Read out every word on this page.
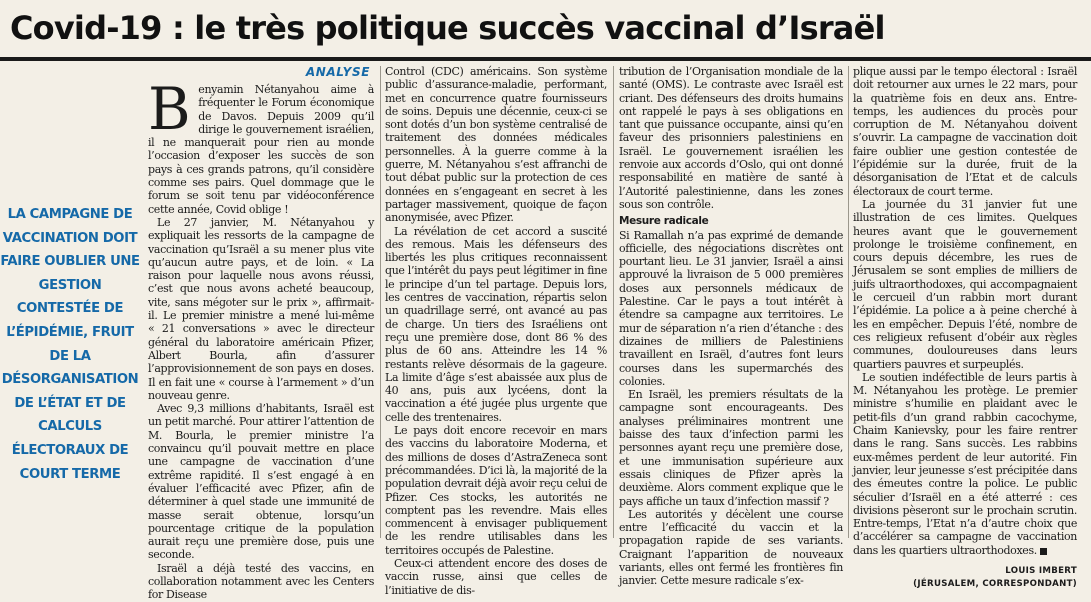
Covid-19 : le très politique succès vaccinal d’Israël
LA CAMPAGNE DE VACCINATION DOIT FAIRE OUBLIER UNE GESTION CONTESTÉE DE L’ÉPIDÉMIE, FRUIT DE LA DÉSORGANISATION DE L’ÉTAT ET DE CALCULS ÉLECTORAUX DE COURT TERME
ANALYSE

Benyamin Nétanyahou aime à fréquenter le Forum économique de Davos. Depuis 2009 qu’il dirige le gouvernement israélien, il ne manquerait pour rien au monde l’occasion d’exposer les succès de son pays à ces grands patrons, qu’il considère comme ses pairs. Quel dommage que le forum se soit tenu par vidéoconférence cette année, Covid oblige !

Le 27 janvier, M. Nétanyahou y expliquait les ressorts de la campagne de vaccination qu’Israël a su mener plus vite qu’aucun autre pays, et de loin. « La raison pour laquelle nous avons réussi, c’est que nous avons acheté beaucoup, vite, sans mégoter sur le prix », affirmait-il. Le premier ministre a mené lui-même « 21 conversations » avec le directeur général du laboratoire américain Pfizer, Albert Bourla, afin d’assurer l’approvisionnement de son pays en doses. Il en fait une « course à l’armement » d’un nouveau genre.

Avec 9,3 millions d’habitants, Israël est un petit marché. Pour attirer l’attention de M. Bourla, le premier ministre l’a convaincu qu’il pouvait mettre en place une campagne de vaccination d’une extrême rapidité. Il s’est engagé à en évaluer l’efficacité avec Pfizer, afin de déterminer à quel stade une immunité de masse serait obtenue, lorsqu’un pourcentage critique de la population aurait reçu une première dose, puis une seconde.

Israël a déjà testé des vaccins, en collaboration notamment avec les Centers for Disease

Control (CDC) américains. Son système public d’assurance-maladie, performant, met en concurrence quatre fournisseurs de soins. Depuis une décennie, ceux-ci se sont dotés d’un bon système centralisé de traitement des données médicales personnelles. À la guerre comme à la guerre, M. Nétanyahou s’est affranchi de tout débat public sur la protection de ces données en s’engageant en secret à les partager massivement, quoique de façon anonymisée, avec Pfizer.

La révélation de cet accord a suscité des remous. Mais les défenseurs des libertés les plus critiques reconnaissent que l’intérêt du pays peut légitimer in fine le principe d’un tel partage. Depuis lors, les centres de vaccination, répartis selon un quadrillage serré, ont avancé au pas de charge. Un tiers des Israéliens ont reçu une première dose, dont 86 % des plus de 60 ans. Atteindre les 14 % restants relève désormais de la gageure. La limite d’âge s’est abaissée aux plus de 40 ans, puis aux lycéens, dont la vaccination a été jugée plus urgente que celle des trentenaires.

Le pays doit encore recevoir en mars des vaccins du laboratoire Moderna, et des millions de doses d’AstraZeneca sont précommandées. D’ici là, la majorité de la population devrait déjà avoir reçu celui de Pfizer. Ces stocks, les autorités ne comptent pas les revendre. Mais elles commencent à envisager publiquement de les rendre utilisables dans les territoires occupés de Palestine.

Ceux-ci attendent encore des doses de vaccin russe, ainsi que celles de l’initiative de dis-

tribution de l’Organisation mondiale de la santé (OMS). Le contraste avec Israël est criant. Des défenseurs des droits humains ont rappelé le pays à ses obligations en tant que puissance occupante, ainsi qu’en faveur des prisonniers palestiniens en Israël. Le gouvernement israélien les renvoie aux accords d’Oslo, qui ont donné responsabilité en matière de santé à l’Autorité palestinienne, dans les zones sous son contrôle.

Mesure radicale

Si Ramallah n’a pas exprimé de demande officielle, des négociations discrètes ont pourtant lieu. Le 31 janvier, Israël a ainsi approuvé la livraison de 5 000 premières doses aux personnels médicaux de Palestine. Car le pays a tout intérêt à étendre sa campagne aux territoires. Le mur de séparation n’a rien d’étanche : des dizaines de milliers de Palestiniens travaillent en Israël, d’autres font leurs courses dans les supermarchés des colonies.

En Israël, les premiers résultats de la campagne sont encourageants. Des analyses préliminaires montrent une baisse des taux d’infection parmi les personnes ayant reçu une première dose, et une immunisation supérieure aux essais cliniques de Pfizer après la deuxième. Alors comment explique que le pays affiche un taux d’infection massif ?

Les autorités y décèlent une course entre l’efficacité du vaccin et la propagation rapide de ses variants. Craignant l’apparition de nouveaux variants, elles ont fermé les frontières fin janvier. Cette mesure radicale s’ex-

plique aussi par le tempo électoral : Israël doit retourner aux urnes le 22 mars, pour la quatrième fois en deux ans. Entre-temps, les audiences du procès pour corruption de M. Nétanyahou doivent s’ouvrir. La campagne de vaccination doit faire oublier une gestion contestée de l’épidémie sur la durée, fruit de la désorganisation de l’Etat et de calculs électoraux de court terme.

La journée du 31 janvier fut une illustration de ces limites. Quelques heures avant que le gouvernement prolonge le troisième confinement, en cours depuis décembre, les rues de Jérusalem se sont emplies de milliers de juifs ultraorthodoxes, qui accompagnaient le cercueil d’un rabbin mort durant l’épidémie. La police a à peine cherché à les en empêcher. Depuis l’été, nombre de ces religieux refusent d’obéir aux règles communes, douloureuses dans leurs quartiers pauvres et surpeuplés.

Le soutien indéfectible de leurs partis à M. Nétanyahou les protège. Le premier ministre s’humilie en plaidant avec le petit-fils d’un grand rabbin cacochyme, Chaim Kanievsky, pour les faire rentrer dans le rang. Sans succès. Les rabbins eux-mêmes perdent de leur autorité. Fin janvier, leur jeunesse s’est précipitée dans des émeutes contre la police. Le public séculier d’Israël en a été atterré : ces divisions pèseront sur le prochain scrutin. Entre-temps, l’Etat n’a d’autre choix que d’accélérer sa campagne de vaccination dans les quartiers ultraorthodoxes.

LOUIS IMBERT
(JÉRUSALEM, CORRESPONDANT)
